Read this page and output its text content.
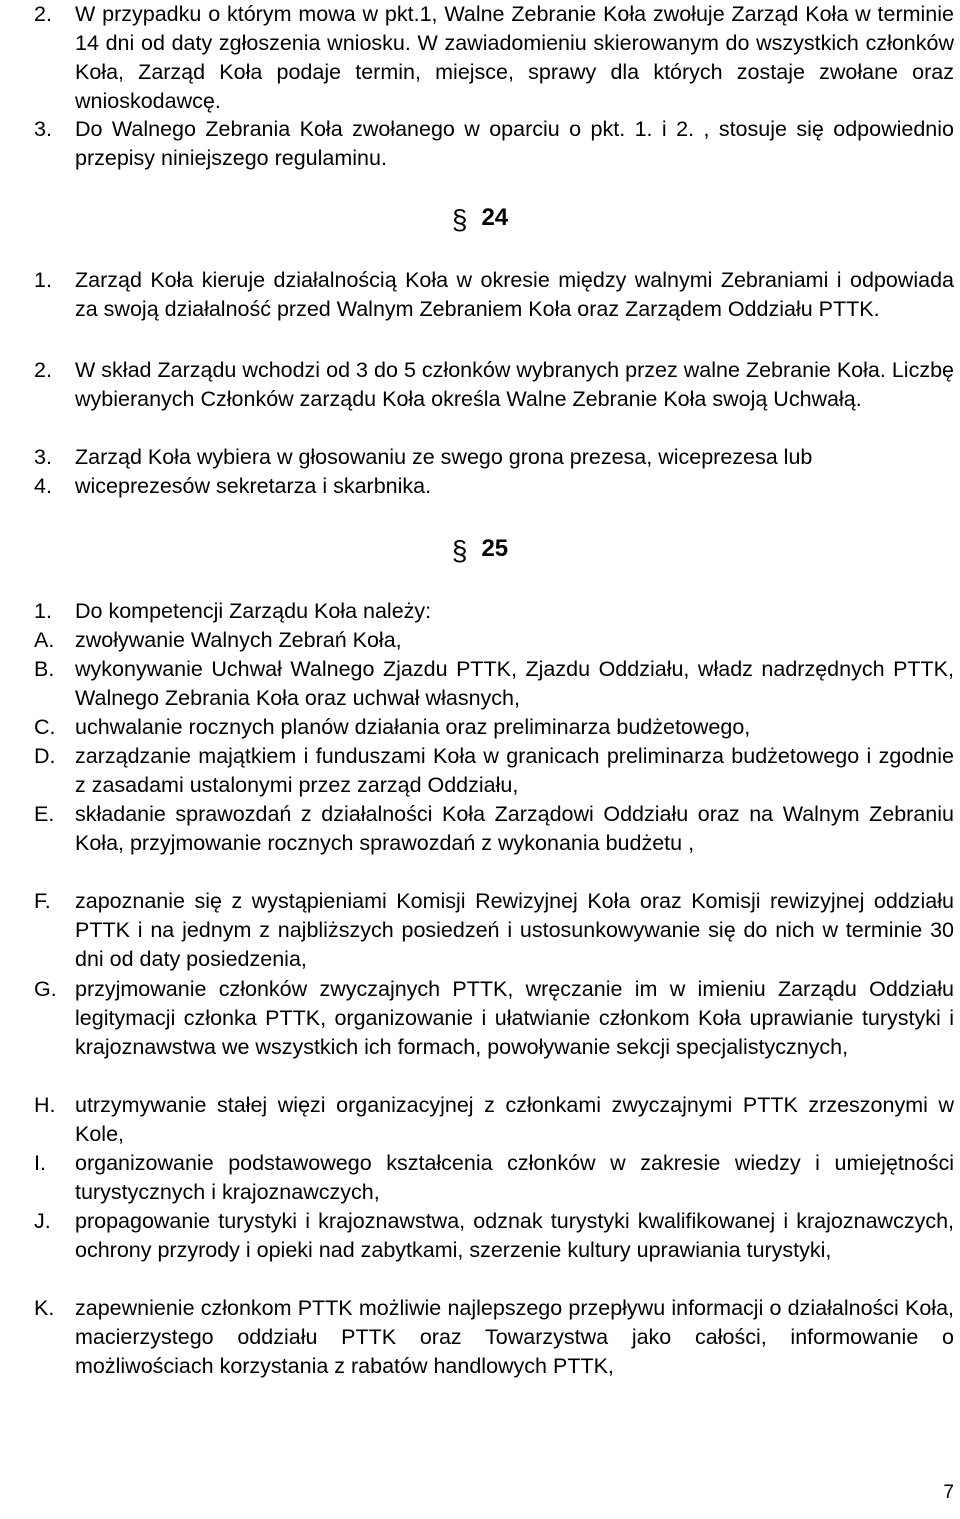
2. W przypadku o którym mowa w pkt.1, Walne Zebranie Koła zwołuje Zarząd Koła w terminie 14 dni od daty zgłoszenia wniosku. W zawiadomieniu skierowanym do wszystkich członków Koła, Zarząd Koła podaje termin, miejsce, sprawy dla których zostaje zwołane oraz wnioskodawcę.
3. Do Walnego Zebrania Koła zwołanego w oparciu o pkt. 1. i 2. , stosuje się odpowiednio przepisy niniejszego regulaminu.
§ 24
1. Zarząd Koła kieruje działalnością Koła w okresie między walnymi Zebraniami i odpowiada za swoją działalność przed Walnym Zebraniem Koła oraz Zarządem Oddziału PTTK.
2. W skład Zarządu wchodzi od 3 do 5 członków wybranych przez walne Zebranie Koła. Liczbę wybieranych Członków zarządu Koła określa Walne Zebranie Koła swoją Uchwałą.
3. Zarząd Koła wybiera w głosowaniu ze swego grona prezesa, wiceprezesa lub
4. wiceprezesów sekretarza i skarbnika.
§ 25
1. Do kompetencji Zarządu Koła należy:
A. zwoływanie Walnych Zebrań Koła,
B. wykonywanie Uchwał Walnego Zjazdu PTTK, Zjazdu Oddziału, władz nadrzędnych PTTK, Walnego Zebrania Koła oraz uchwał własnych,
C. uchwalanie rocznych planów działania oraz preliminarza budżetowego,
D. zarządzanie majątkiem i funduszami Koła w granicach preliminarza budżetowego i zgodnie z zasadami ustalonymi przez zarząd Oddziału,
E. składanie sprawozdań z działalności Koła Zarządowi Oddziału oraz na Walnym Zebraniu Koła, przyjmowanie rocznych sprawozdań z wykonania budżetu ,
F. zapoznanie się z wystąpieniami Komisji Rewizyjnej Koła oraz Komisji rewizyjnej oddziału PTTK i na jednym z najbliższych posiedzeń i ustosunkowywanie się do nich w terminie 30 dni od daty posiedzenia,
G. przyjmowanie członków zwyczajnych PTTK, wręczanie im w imieniu Zarządu Oddziału legitymacji członka PTTK, organizowanie i ułatwianie członkom Koła uprawianie turystyki i krajoznawstwa we wszystkich ich formach, powoływanie sekcji specjalistycznych,
H. utrzymywanie stałej więzi organizacyjnej z członkami zwyczajnymi PTTK zrzeszonymi w Kole,
I. organizowanie podstawowego kształcenia członków w zakresie wiedzy i umiejętności turystycznych i krajoznawczych,
J. propagowanie turystyki i krajoznawstwa, odznak turystyki kwalifikowanej i krajoznawczych, ochrony przyrody i opieki nad zabytkami, szerzenie kultury uprawiania turystyki,
K. zapewnienie członkom PTTK możliwie najlepszego przepływu informacji o działalności Koła, macierzystego oddziału PTTK oraz Towarzystwa jako całości, informowanie o możliwościach korzystania z rabatów handlowych PTTK,
7
